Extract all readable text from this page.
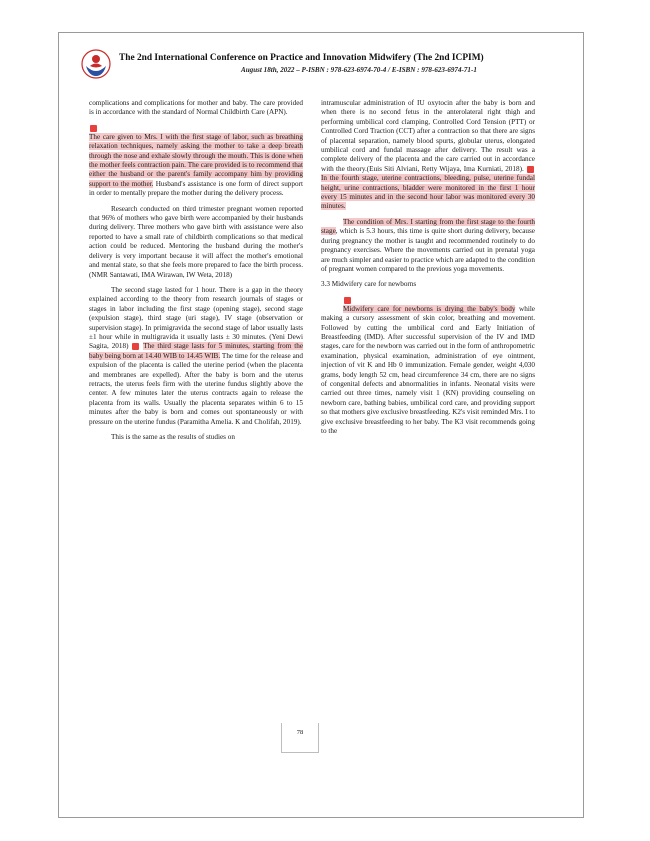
The 2nd International Conference on Practice and Innovation Midwifery (The 2nd ICPIM)
August 18th, 2022 – P-ISBN : 978-623-6974-70-4 / E-ISBN : 978-623-6974-71-1

complications and complications for mother and baby. The care provided is in accordance with the standard of Normal Childbirth Care (APN).

The care given to Mrs. I with the first stage of labor, such as breathing relaxation techniques, namely asking the mother to take a deep breath through the nose and exhale slowly through the mouth. This is done when the mother feels contraction pain. The care provided is to recommend that either the husband or the parent's family accompany him by providing support to the mother. Husband's assistance is one form of direct support in order to mentally prepare the mother during the delivery process.

Research conducted on third trimester pregnant women reported that 96% of mothers who gave birth were accompanied by their husbands during delivery. Three mothers who gave birth with assistance were also reported to have a small rate of childbirth complications so that medical action could be reduced. Mentoring the husband during the mother's delivery is very important because it will affect the mother's emotional and mental state, so that she feels more prepared to face the birth process. (NMR Santawati, IMA Wirawan, IW Weta, 2018)

The second stage lasted for 1 hour. There is a gap in the theory explained according to the theory from research journals of stages or stages in labor including the first stage (opening stage), second stage (expulsion stage), third stage (uri stage), IV stage (observation or supervision stage). In primigravida the second stage of labor usually lasts ±1 hour while in multigravida it usually lasts ± 30 minutes. (Yeni Dewi Sagita, 2018) The third stage lasts for 5 minutes, starting from the baby being born at 14.40 WIB to 14.45 WIB. The time for the release and expulsion of the placenta is called the uterine period (when the placenta and membranes are expelled). After the baby is born and the uterus retracts, the uterus feels firm with the uterine fundus slightly above the center. A few minutes later the uterus contracts again to release the placenta from its walls. Usually the placenta separates within 6 to 15 minutes after the baby is born and comes out spontaneously or with pressure on the uterine fundus (Paramitha Amelia. K and Cholifah, 2019).

This is the same as the results of studies on

intramuscular administration of IU oxytocin after the baby is born and when there is no second fetus in the anterolateral right thigh and performing umbilical cord clamping, Controlled Cord Tension (PTT) or Controlled Cord Traction (CCT) after a contraction so that there are signs of placental separation, namely blood spurts, globular uterus, elongated umbilical cord and fundal massage after delivery. The result was a complete delivery of the placenta and the care carried out in accordance with the theory.(Euis Siti Alviani, Retty Wijaya, Ima Kurniati, 2018).  In the fourth stage, uterine contractions, bleeding, pulse, uterine fundal height, urine contractions, bladder were monitored in the first 1 hour every 15 minutes and in the second hour labor was monitored every 30 minutes.

The condition of Mrs. I starting from the first stage to the fourth stage, which is 5.3 hours, this time is quite short during delivery, because during pregnancy the mother is taught and recommended routinely to do pregnancy exercises. Where the movements carried out in prenatal yoga are much simpler and easier to practice which are adapted to the condition of pregnant women compared to the previous yoga movements.

3.3 Midwifery care for newborns

Midwifery care for newborns is drying the baby's body while making a cursory assessment of skin color, breathing and movement. Followed by cutting the umbilical cord and Early Initiation of Breastfeeding (IMD). After successful supervision of the IV and IMD stages, care for the newborn was carried out in the form of anthropometric examination, physical examination, administration of eye ointment, injection of vit K and Hb 0 immunization. Female gender, weight 4,030 grams, body length 52 cm, head circumference 34 cm, there are no signs of congenital defects and abnormalities in infants. Neonatal visits were carried out three times, namely visit 1 (KN) providing counseling on newborn care, bathing babies, umbilical cord care, and providing support so that mothers give exclusive breastfeeding. K2's visit reminded Mrs. I to give exclusive breastfeeding to her baby. The K3 visit recommends going to the

78
